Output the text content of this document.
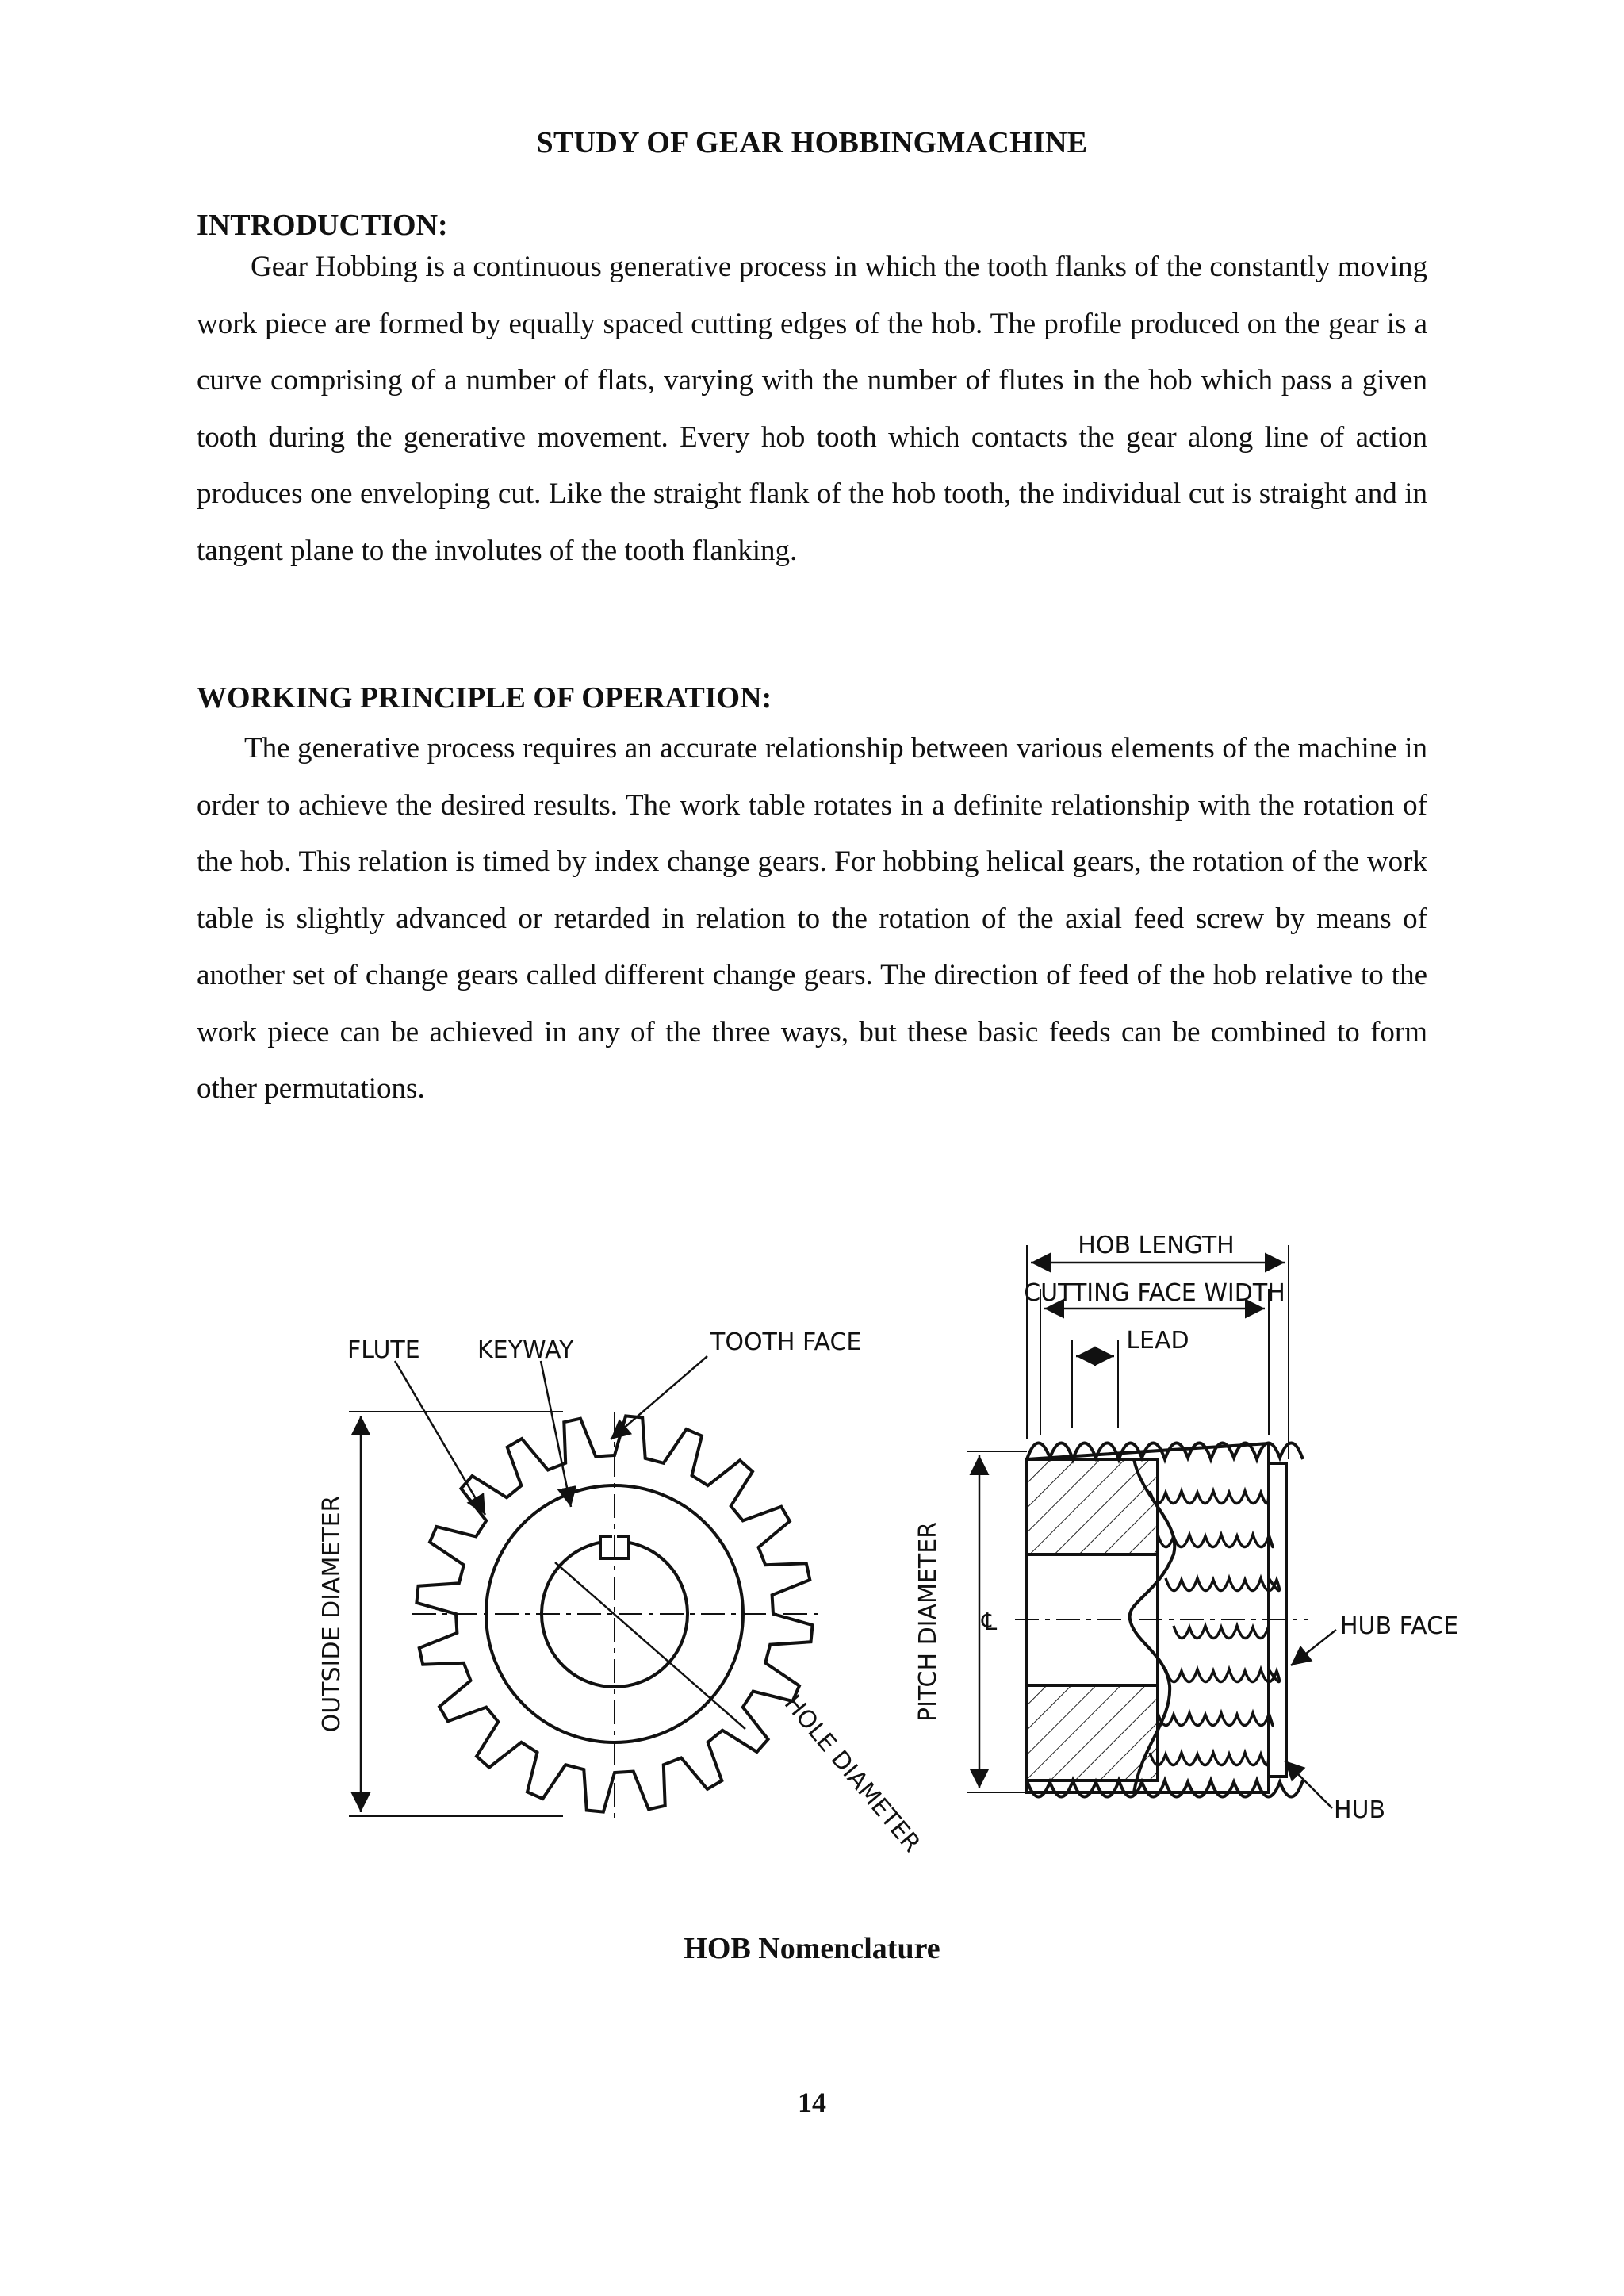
STUDY OF GEAR HOBBINGMACHINE
INTRODUCTION:

Gear Hobbing is a continuous generative process in which the tooth flanks of the constantly moving work piece are formed by equally spaced cutting edges of the hob. The profile produced on the gear is a curve comprising of a number of flats, varying with the number of flutes in the hob which pass a given tooth during the generative movement. Every hob tooth which contacts the gear along line of action produces one enveloping cut. Like the straight flank of the hob tooth, the individual cut is straight and in tangent plane to the involutes of the tooth flanking.

WORKING PRINCIPLE OF OPERATION:

The generative process requires an accurate relationship between various elements of the machine in order to achieve the desired results. The work table rotates in a definite relationship with the rotation of the hob. This relation is timed by index change gears. For hobbing helical gears, the rotation of the work table is slightly advanced or retarded in relation to the rotation of the axial feed screw by means of another set of change gears called different change gears. The direction of feed of the hob relative to the work piece can be achieved in any of the three ways, but these basic feeds can be combined to form other permutations.

FLUTE KEYWAY	TOOTH FACE
OUTSIDE DIAMETER
HOLE DIAMETER
℄
PITCH DIAMETER
HOB LENGTH
CUTTING FACE WIDTH
LEAD
HUB FACE
HUB
HOB Nomenclature
14
